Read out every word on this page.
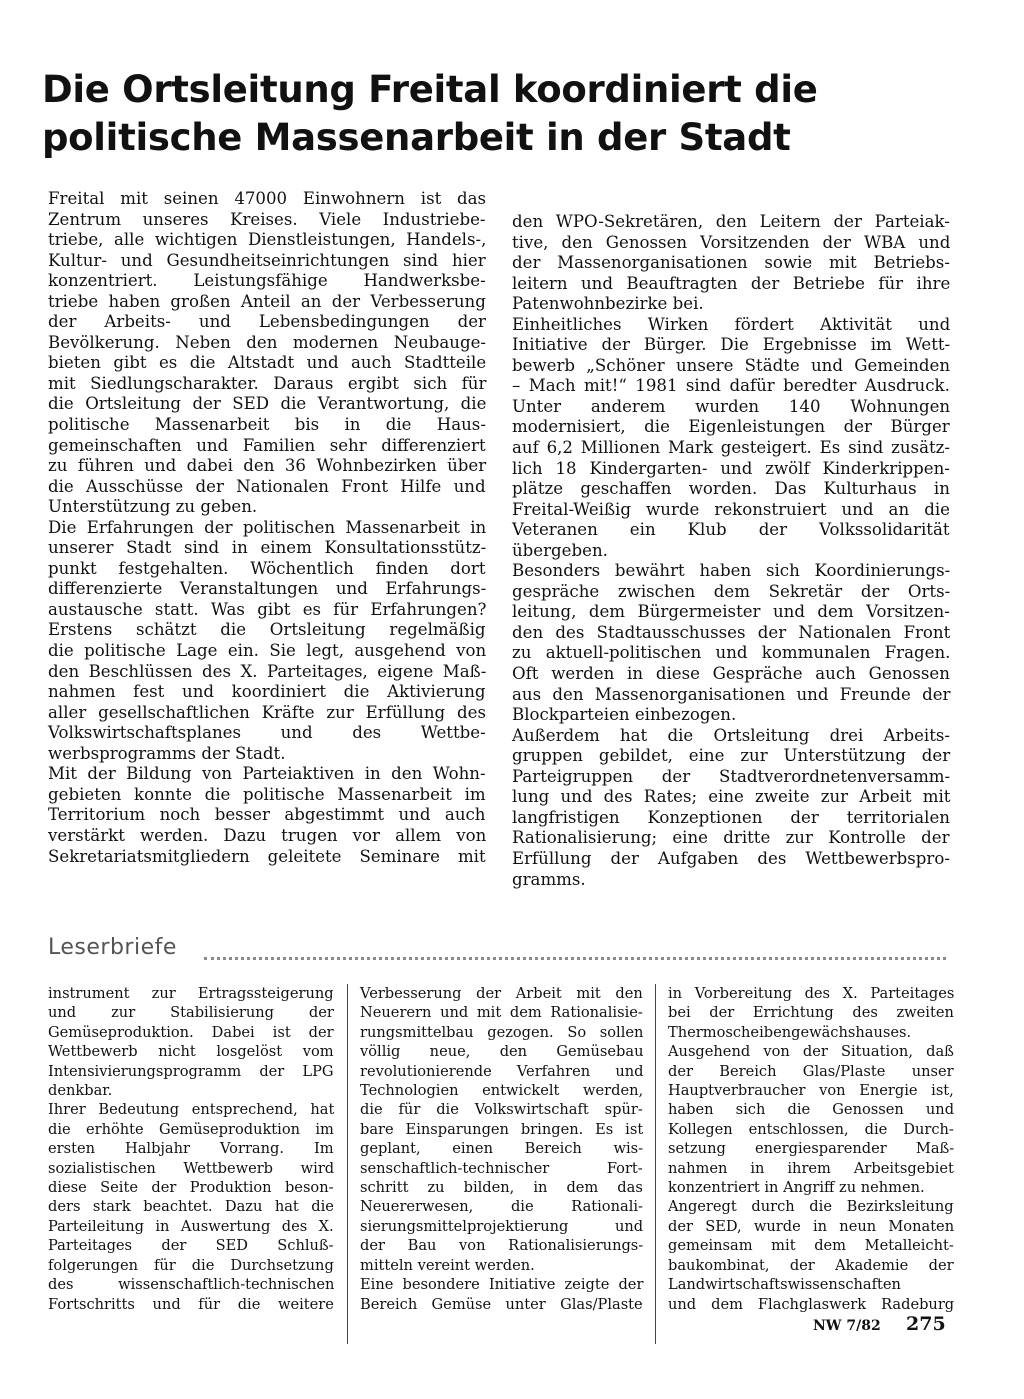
Die Ortsleitung Freital koordiniert die
politische Massenarbeit in der Stadt

Freital mit seinen 47000 Einwohnern ist das
Zentrum unseres Kreises. Viele Industriebe-
triebe, alle wichtigen Dienstleistungen, Handels-,
Kultur- und Gesundheitseinrichtungen sind hier
konzentriert. Leistungsfähige Handwerksbe-
triebe haben großen Anteil an der Verbesserung
der Arbeits- und Lebensbedingungen der
Bevölkerung. Neben den modernen Neubauge-
bieten gibt es die Altstadt und auch Stadtteile
mit Siedlungscharakter. Daraus ergibt sich für
die Ortsleitung der SED die Verantwortung, die
politische Massenarbeit bis in die Haus-
gemeinschaften und Familien sehr differenziert
zu führen und dabei den 36 Wohnbezirken über
die Ausschüsse der Nationalen Front Hilfe und
Unterstützung zu geben.
Die Erfahrungen der politischen Massenarbeit in
unserer Stadt sind in einem Konsultationsstütz-
punkt festgehalten. Wöchentlich finden dort
differenzierte Veranstaltungen und Erfahrungs-
austausche statt. Was gibt es für Erfahrungen?
Erstens schätzt die Ortsleitung regelmäßig
die politische Lage ein. Sie legt, ausgehend von
den Beschlüssen des X. Parteitages, eigene Maß-
nahmen fest und koordiniert die Aktivierung
aller gesellschaftlichen Kräfte zur Erfüllung des
Volkswirtschaftsplanes und des Wettbe-
werbsprogramms der Stadt.
Mit der Bildung von Parteiaktiven in den Wohn-
gebieten konnte die politische Massenarbeit im
Territorium noch besser abgestimmt und auch
verstärkt werden. Dazu trugen vor allem von
Sekretariatsmitgliedern geleitete Seminare mit

den WPO-Sekretären, den Leitern der Parteiak-
tive, den Genossen Vorsitzenden der WBA und
der Massenorganisationen sowie mit Betriebs-
leitern und Beauftragten der Betriebe für ihre
Patenwohnbezirke bei.
Einheitliches Wirken fördert Aktivität und
Initiative der Bürger. Die Ergebnisse im Wett-
bewerb „Schöner unsere Städte und Gemeinden
– Mach mit!“ 1981 sind dafür beredter Ausdruck.
Unter anderem wurden 140 Wohnungen
modernisiert, die Eigenleistungen der Bürger
auf 6,2 Millionen Mark gesteigert. Es sind zusätz-
lich 18 Kindergarten- und zwölf Kinderkrippen-
plätze geschaffen worden. Das Kulturhaus in
Freital-Weißig wurde rekonstruiert und an die
Veteranen ein Klub der Volkssolidarität
übergeben.
Besonders bewährt haben sich Koordinierungs-
gespräche zwischen dem Sekretär der Orts-
leitung, dem Bürgermeister und dem Vorsitzen-
den des Stadtausschusses der Nationalen Front
zu aktuell-politischen und kommunalen Fragen.
Oft werden in diese Gespräche auch Genossen
aus den Massenorganisationen und Freunde der
Blockparteien einbezogen.
Außerdem hat die Ortsleitung drei Arbeits-
gruppen gebildet, eine zur Unterstützung der
Parteigruppen der Stadtverordnetenversamm-
lung und des Rates; eine zweite zur Arbeit mit
langfristigen Konzeptionen der territorialen
Rationalisierung; eine dritte zur Kontrolle der
Erfüllung der Aufgaben des Wettbewerbspro-
gramms.

Leserbriefe

instrument zur Ertragssteigerung
und zur Stabilisierung der
Gemüseproduktion. Dabei ist der
Wettbewerb nicht losgelöst vom
Intensivierungsprogramm der LPG
denkbar.
Ihrer Bedeutung entsprechend, hat
die erhöhte Gemüseproduktion im
ersten Halbjahr Vorrang. Im
sozialistischen Wettbewerb wird
diese Seite der Produktion beson-
ders stark beachtet. Dazu hat die
Parteileitung in Auswertung des X.
Parteitages der SED Schluß-
folgerungen für die Durchsetzung
des wissenschaftlich-technischen
Fortschritts und für die weitere

Verbesserung der Arbeit mit den
Neuerern und mit dem Rationalisie-
rungsmittelbau gezogen. So sollen
völlig neue, den Gemüsebau
revolutionierende Verfahren und
Technologien entwickelt werden,
die für die Volkswirtschaft spür-
bare Einsparungen bringen. Es ist
geplant, einen Bereich wis-
senschaftlich-technischer Fort-
schritt zu bilden, in dem das
Neuererwesen, die Rationali-
sierungsmittelprojektierung und
der Bau von Rationalisierungs-
mitteln vereint werden.
Eine besondere Initiative zeigte der
Bereich Gemüse unter Glas/Plaste

in Vorbereitung des X. Parteitages
bei der Errichtung des zweiten
Thermoscheibengewächshauses.
Ausgehend von der Situation, daß
der Bereich Glas/Plaste unser
Hauptverbraucher von Energie ist,
haben sich die Genossen und
Kollegen entschlossen, die Durch-
setzung energiesparender Maß-
nahmen in ihrem Arbeitsgebiet
konzentriert in Angriff zu nehmen.
Angeregt durch die Bezirksleitung
der SED, wurde in neun Monaten
gemeinsam mit dem Metalleicht-
baukombinat, der Akademie der
Landwirtschaftswissenschaften
und dem Flachglaswerk Radeburg

NW 7/82 275
